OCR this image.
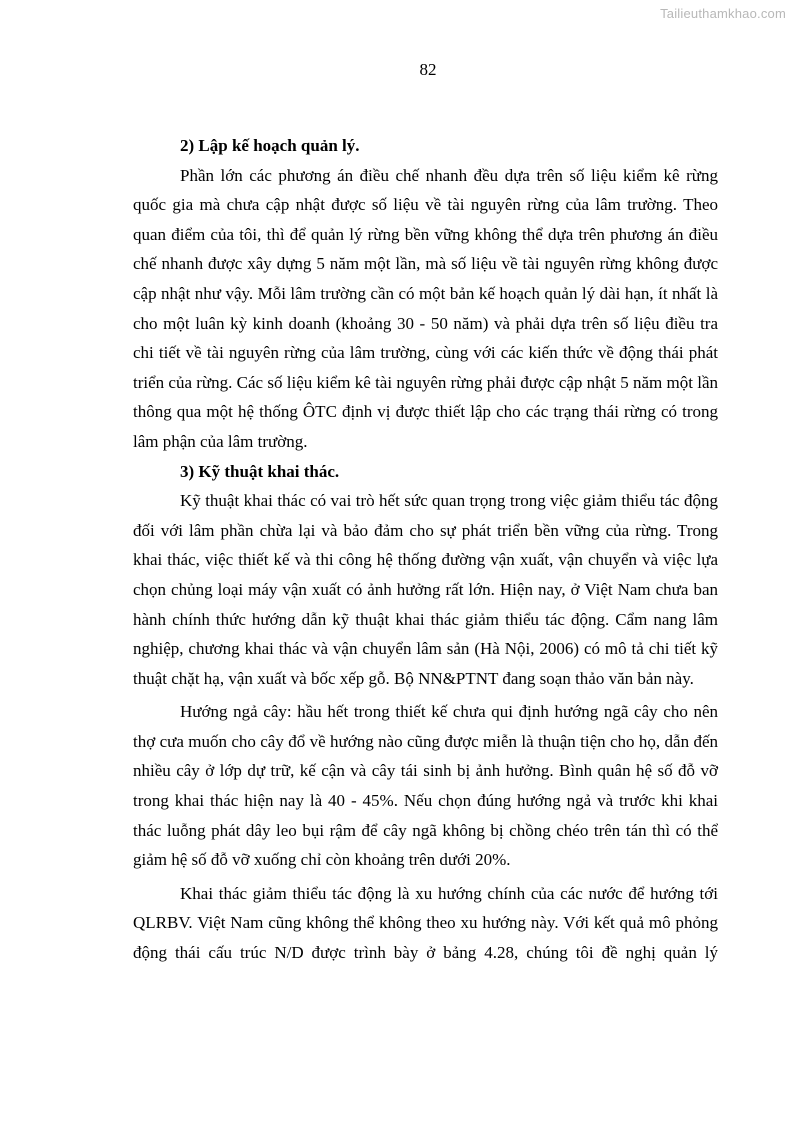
Tailieuthamkhao.com
82

2) Lập kế hoạch quản lý.

Phần lớn các phương án điều chế nhanh đều dựa trên số liệu kiểm kê rừng quốc gia mà chưa cập nhật được số liệu về tài nguyên rừng của lâm trường. Theo quan điểm của tôi, thì để quản lý rừng bền vững không thể dựa trên phương án điều chế nhanh được xây dựng 5 năm một lần, mà số liệu về tài nguyên rừng không được cập nhật như vậy. Mỗi lâm trường cần có một bản kế hoạch quản lý dài hạn, ít nhất là cho một luân kỳ kinh doanh (khoảng 30 - 50 năm) và phải dựa trên số liệu điều tra chi tiết về tài nguyên rừng của lâm trường, cùng với các kiến thức về động thái phát triển của rừng. Các số liệu kiểm kê tài nguyên rừng phải được cập nhật 5 năm một lần thông qua một hệ thống ÔTC định vị được thiết lập cho các trạng thái rừng có trong lâm phận của lâm trường.

3) Kỹ thuật khai thác.

Kỹ thuật khai thác có vai trò hết sức quan trọng trong việc giảm thiểu tác động đối với lâm phần chừa lại và bảo đảm cho sự phát triển bền vững của rừng. Trong khai thác, việc thiết kế và thi công hệ thống đường vận xuất, vận chuyển và việc lựa chọn chủng loại máy vận xuất có ảnh hưởng rất lớn. Hiện nay, ở Việt Nam chưa ban hành chính thức hướng dẫn kỹ thuật khai thác giảm thiểu tác động. Cẩm nang lâm nghiệp, chương khai thác và vận chuyển lâm sản (Hà Nội, 2006) có mô tả chi tiết kỹ thuật chặt hạ, vận xuất và bốc xếp gỗ. Bộ NN&PTNT đang soạn thảo văn bản này.

Hướng ngả cây: hầu hết trong thiết kế chưa qui định hướng ngã cây cho nên thợ cưa muốn cho cây đổ về hướng nào cũng được miễn là thuận tiện cho họ, dẫn đến nhiều cây ở lớp dự trữ, kế cận và cây tái sinh bị ảnh hưởng. Bình quân hệ số đỗ vỡ trong khai thác hiện nay là 40 - 45%. Nếu chọn đúng hướng ngả và trước khi khai thác luỗng phát dây leo bụi rậm để cây ngã không bị chồng chéo trên tán thì có thể giảm hệ số đỗ vỡ xuống chỉ còn khoảng trên dưới 20%.

Khai thác giảm thiểu tác động là xu hướng chính của các nước để hướng tới QLRBV. Việt Nam cũng không thể không theo xu hướng này. Với kết quả mô phỏng động thái cấu trúc N/D được trình bày ở bảng 4.28, chúng tôi đề nghị quản lý
